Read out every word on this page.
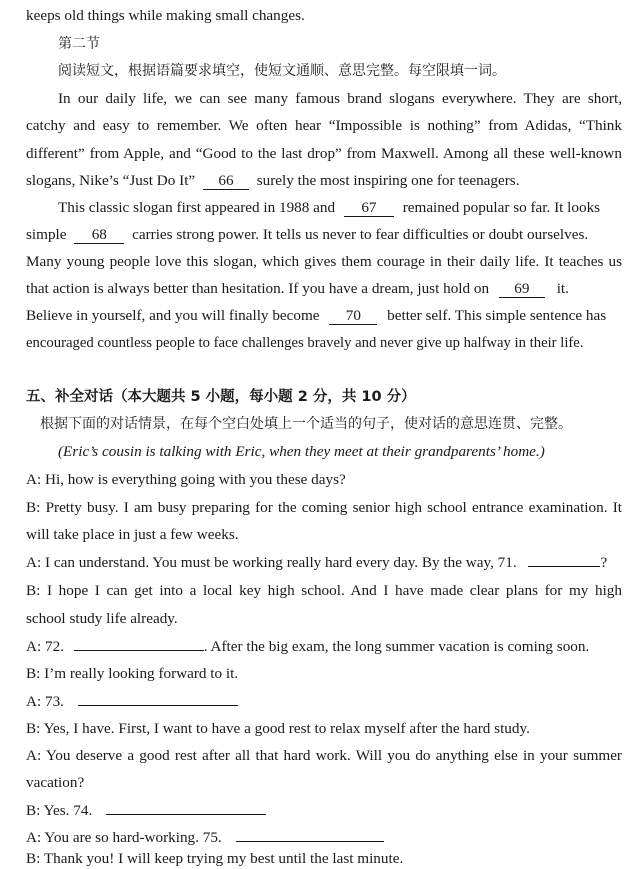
keeps old things while making small changes.
第二节
阅读短文，根据语篇要求填空，使短文通顺、意思完整。每空限填一词。
In our daily life, we can see many famous brand slogans everywhere. They are short,
catchy and easy to remember. We often hear “Impossible is nothing” from Adidas, “Think
different” from Apple, and “Good to the last drop” from Maxwell. Among all these well-known
slogans, Nike’s “Just Do It” 66 surely the most inspiring one for teenagers.
This classic slogan first appeared in 1988 and 67 remained popular so far. It looks
simple 68 carries strong power. It tells us never to fear difficulties or doubt ourselves.
Many young people love this slogan, which gives them courage in their daily life. It teaches us
that action is always better than hesitation. If you have a dream, just hold on 69 it.
Believe in yourself, and you will finally become 70 better self. This simple sentence has
encouraged countless people to face challenges bravely and never give up halfway in their life.
五、补全对话（本大题共 5 小题，每小题 2 分，共 10 分）
根据下面的对话情景，在每个空白处填上一个适当的句子，使对话的意思连贯、完整。
(Eric’s cousin is talking with Eric, when they meet at their grandparents’ home.)
A: Hi, how is everything going with you these days?
B: Pretty busy. I am busy preparing for the coming senior high school entrance examination. It
will take place in just a few weeks.
A: I can understand. You must be working really hard every day. By the way, 71.	?
B: I hope I can get into a local key high school. And I have made clear plans for my high
school study life already.
A: 72.	. After the big exam, the long summer vacation is coming soon.
B: I’m really looking forward to it.
A: 73.
B: Yes, I have. First, I want to have a good rest to relax myself after the hard study.
A: You deserve a good rest after all that hard work. Will you do anything else in your summer
vacation?
B: Yes. 74.
A: You are so hard-working. 75.
B: Thank you! I will keep trying my best until the last minute.
